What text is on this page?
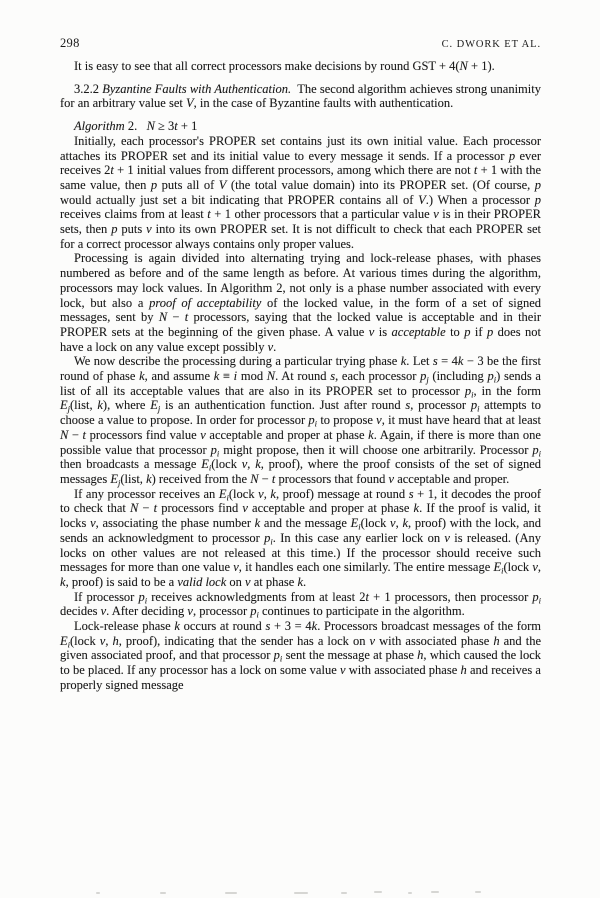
298	C. DWORK ET AL.

It is easy to see that all correct processors make decisions by round GST + 4(N + 1).

3.2.2 Byzantine Faults with Authentication.  The second algorithm achieves strong unanimity for an arbitrary value set V, in the case of Byzantine faults with authentication.

Algorithm 2.   N ≥ 3t + 1

Initially, each processor's PROPER set contains just its own initial value. Each processor attaches its PROPER set and its initial value to every message it sends. If a processor p ever receives 2t + 1 initial values from different processors, among which there are not t + 1 with the same value, then p puts all of V (the total value domain) into its PROPER set. (Of course, p would actually just set a bit indicating that PROPER contains all of V.) When a processor p receives claims from at least t + 1 other processors that a particular value v is in their PROPER sets, then p puts v into its own PROPER set. It is not difficult to check that each PROPER set for a correct processor always contains only proper values.

Processing is again divided into alternating trying and lock-release phases, with phases numbered as before and of the same length as before. At various times during the algorithm, processors may lock values. In Algorithm 2, not only is a phase number associated with every lock, but also a proof of acceptability of the locked value, in the form of a set of signed messages, sent by N − t processors, saying that the locked value is acceptable and in their PROPER sets at the beginning of the given phase. A value v is acceptable to p if p does not have a lock on any value except possibly v.

We now describe the processing during a particular trying phase k. Let s = 4k − 3 be the first round of phase k, and assume k ≡ i mod N. At round s, each processor $p_j$ (including $p_i$) sends a list of all its acceptable values that are also in its PROPER set to processor $p_i$, in the form $E_j(list$, k), where $E_j$ is an authentication function. Just after round s, processor $p_i$ attempts to choose a value to propose. In order for processor $p_i$ to propose v, it must have heard that at least N − t processors find value v acceptable and proper at phase k. Again, if there is more than one possible value that processor $p_i$ might propose, then it will choose one arbitrarily. Processor $p_i$ then broadcasts a message $E_i(lock$ v, k, proof), where the proof consists of the set of signed messages $E_j(list$, k) received from the N − t processors that found v acceptable and proper.

If any processor receives an $E_i(lock$ v, k, proof) message at round s + 1, it decodes the proof to check that N − t processors find v acceptable and proper at phase k. If the proof is valid, it locks v, associating the phase number k and the message $E_i(lock$ v, k, proof) with the lock, and sends an acknowledgment to processor $p_i$. In this case any earlier lock on v is released. (Any locks on other values are not released at this time.) If the processor should receive such messages for more than one value v, it handles each one similarly. The entire message $E_i(lock$ v, k, proof) is said to be a valid lock on v at phase k.

If processor $p_i$ receives acknowledgments from at least 2t + 1 processors, then processor $p_i$ decides v. After deciding v, processor $p_i$ continues to participate in the algorithm.

Lock-release phase k occurs at round s + 3 = 4k. Processors broadcast messages of the form $E_i(lock$ v, h, proof), indicating that the sender has a lock on v with associated phase h and the given associated proof, and that processor $p_i$ sent the message at phase h, which caused the lock to be placed. If any processor has a lock on some value v with associated phase h and receives a properly signed message
